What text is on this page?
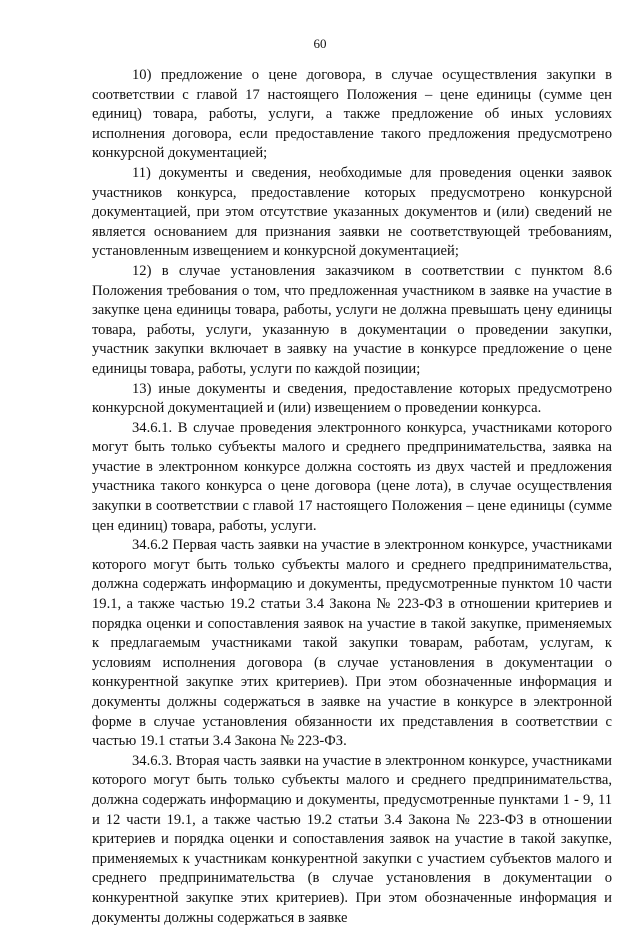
60

10) предложение о цене договора, в случае осуществления закупки в соответствии с главой 17 настоящего Положения – цене единицы (сумме цен единиц) товара, работы, услуги, а также предложение об иных условиях исполнения договора, если предоставление такого предложения предусмотрено конкурсной документацией;

11) документы и сведения, необходимые для проведения оценки заявок участников конкурса, предоставление которых предусмотрено конкурсной документацией, при этом отсутствие указанных документов и (или) сведений не является основанием для признания заявки не соответствующей требованиям, установленным извещением и конкурсной документацией;

12) в случае установления заказчиком в соответствии с пунктом 8.6 Положения требования о том, что предложенная участником в заявке на участие в закупке цена единицы товара, работы, услуги не должна превышать цену единицы товара, работы, услуги, указанную в документации о проведении закупки, участник закупки включает в заявку на участие в конкурсе предложение о цене единицы товара, работы, услуги по каждой позиции;

13) иные документы и сведения, предоставление которых предусмотрено конкурсной документацией и (или) извещением о проведении конкурса.

34.6.1. В случае проведения электронного конкурса, участниками которого могут быть только субъекты малого и среднего предпринимательства, заявка на участие в электронном конкурсе должна состоять из двух частей и предложения участника такого конкурса о цене договора (цене лота), в случае осуществления закупки в соответствии с главой 17 настоящего Положения – цене единицы (сумме цен единиц) товара, работы, услуги.

34.6.2 Первая часть заявки на участие в электронном конкурсе, участниками которого могут быть только субъекты малого и среднего предпринимательства, должна содержать информацию и документы, предусмотренные пунктом 10 части 19.1, а также частью 19.2 статьи 3.4 Закона № 223-ФЗ в отношении критериев и порядка оценки и сопоставления заявок на участие в такой закупке, применяемых к предлагаемым участниками такой закупки товарам, работам, услугам, к условиям исполнения договора (в случае установления в документации о конкурентной закупке этих критериев). При этом обозначенные информация и документы должны содержаться в заявке на участие в конкурсе в электронной форме в случае установления обязанности их представления в соответствии с частью 19.1 статьи 3.4 Закона № 223-ФЗ.

34.6.3. Вторая часть заявки на участие в электронном конкурсе, участниками которого могут быть только субъекты малого и среднего предпринимательства, должна содержать информацию и документы, предусмотренные пунктами 1 - 9, 11 и 12 части 19.1, а также частью 19.2 статьи 3.4 Закона № 223-ФЗ в отношении критериев и порядка оценки и сопоставления заявок на участие в такой закупке, применяемых к участникам конкурентной закупки с участием субъектов малого и среднего предпринимательства (в случае установления в документации о конкурентной закупке этих критериев). При этом обозначенные информация и документы должны содержаться в заявке
